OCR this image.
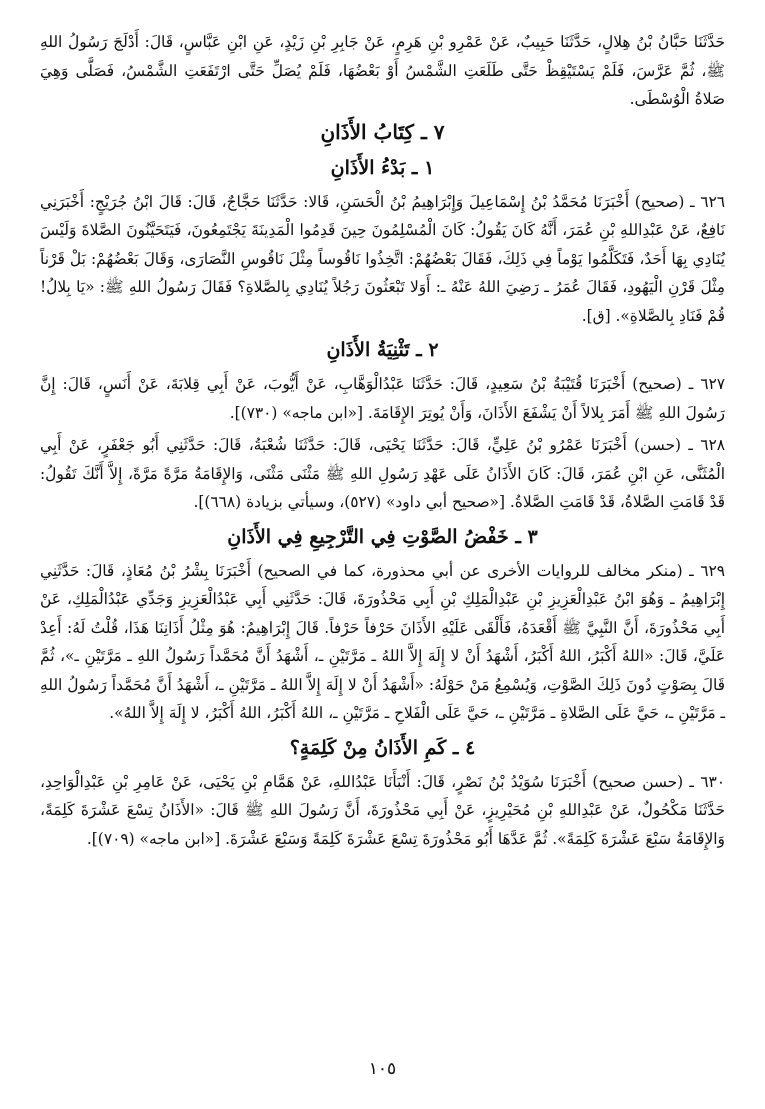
حَدَّثَنَا حَبَّانُ بْنُ هِلالٍ، حَدَّثَنَا حَبِيبٌ، عَنْ عَمْرِو بْنِ هَرِمٍ، عَنْ جَابِرِ بْنِ زَيْدٍ، عَنِ ابْنِ عَبَّاسٍ، قَالَ: أَدْلَجَ رَسُولُ اللهِ ﷺ، ثُمَّ عَرَّسَ، فَلَمْ يَسْتَيْقِظْ حَتَّى طَلَعَتِ الشَّمْسُ أَوْ بَعْضُهَا، فَلَمْ يُصَلِّ حَتَّى ارْتَفَعَتِ الشَّمْسُ، فَصَلَّى وَهِيَ صَلاةُ الْوُسْطَى.

٧ ـ كِتَابُ الأَذَانِ
١ ـ بَدْءُ الأَذَانِ

٦٢٦ ـ (صحيح) أَخْبَرَنَا مُحَمَّدُ بْنُ إِسْمَاعِيلَ وَإِبْرَاهِيمُ بْنُ الْحَسَنِ، قَالا: حَدَّثَنَا حَجَّاجٌ، قَالَ: قَالَ ابْنُ جُرَيْجٍ: أَخْبَرَنِي نَافِعٌ، عَنْ عَبْدِاللهِ بْنِ عُمَرَ، أَنَّهُ كَانَ يَقُولُ: كَانَ الْمُسْلِمُونَ حِينَ قَدِمُوا الْمَدِينَةَ يَجْتَمِعُونَ، فَيَتَحَيَّنُونَ الصَّلاةَ وَلَيْسَ يُنَادِي بِهَا أَحَدٌ، فَتَكَلَّمُوا يَوْماً فِي ذَلِكَ، فَقَالَ بَعْضُهُمْ: اتَّخِذُوا نَاقُوساً مِثْلَ نَاقُوسِ النَّصَارَى، وَقَالَ بَعْضُهُمْ: بَلْ قَرْناً مِثْلَ قَرْنِ الْيَهُودِ، فَقَالَ عُمَرُ ـ رَضِيَ اللهُ عَنْهُ ـ: أَوَلا تَبْعَثُونَ رَجُلاً يُنَادِي بِالصَّلاةِ؟ فَقَالَ رَسُولُ اللهِ ﷺ: «يَا بِلالُ! قُمْ فَنَادِ بِالصَّلاةِ». [ق].

٢ ـ تَثْنِيَةُ الأَذَانِ

٦٢٧ ـ (صحيح) أَخْبَرَنَا قُتَيْبَةُ بْنُ سَعِيدٍ، قَالَ: حَدَّثَنَا عَبْدُالْوَهَّابِ، عَنْ أَيُّوبَ، عَنْ أَبِي قِلابَةَ، عَنْ أَنَسٍ، قَالَ: إِنَّ رَسُولَ اللهِ ﷺ أَمَرَ بِلالاً أَنْ يَشْفَعَ الأَذَانَ، وَأَنْ يُوتِرَ الإِقَامَةَ. [«ابن ماجه» (٧٣٠)].

٦٢٨ ـ (حسن) أَخْبَرَنَا عَمْرُو بْنُ عَلِيٍّ، قَالَ: حَدَّثَنَا يَحْيَى، قَالَ: حَدَّثَنَا شُعْبَةُ، قَالَ: حَدَّثَنِي أَبُو جَعْفَرٍ، عَنْ أَبِي الْمُثَنَّى، عَنِ ابْنِ عُمَرَ، قَالَ: كَانَ الأَذَانُ عَلَى عَهْدِ رَسُولِ اللهِ ﷺ مَثْنَى مَثْنَى، وَالإِقَامَةُ مَرَّةً مَرَّةً، إِلاَّ أَنَّكَ تَقُولُ: قَدْ قَامَتِ الصَّلاةُ، قَدْ قَامَتِ الصَّلاةُ. [«صحيح أبي داود» (٥٢٧)، وسيأتي بزيادة (٦٦٨)].

٣ ـ خَفْضُ الصَّوْتِ فِي التَّرْجِيعِ فِي الأَذَانِ

٦٢٩ ـ (منكر مخالف للروايات الأخرى عن أبي محذورة، كما في الصحيح) أَخْبَرَنَا بِشْرُ بْنُ مُعَاذٍ، قَالَ: حَدَّثَنِي إِبْرَاهِيمُ ـ وَهُوَ ابْنُ عَبْدِالْعَزِيزِ بْنِ عَبْدِالْمَلِكِ بْنِ أَبِي مَحْذُورَةَ، قَالَ: حَدَّثَنِي أَبِي عَبْدُالْعَزِيزِ وَجَدِّي عَبْدُالْمَلِكِ، عَنْ أَبِي مَحْذُورَةَ، أَنَّ النَّبِيَّ ﷺ أَقْعَدَهُ، فَأَلْقَى عَلَيْهِ الأَذَانَ حَرْفاً حَرْفاً. قَالَ إِبْرَاهِيمُ: هُوَ مِثْلُ أَذَانِنَا هَذَا، قُلْتُ لَهُ: أَعِدْ عَلَيَّ، قَالَ: «اللهُ أَكْبَرُ، اللهُ أَكْبَرُ، أَشْهَدُ أَنْ لا إِلَهَ إِلاَّ اللهُ ـ مَرَّتَيْنِ ـ، أَشْهَدُ أَنَّ مُحَمَّداً رَسُولُ اللهِ ـ مَرَّتَيْنِ ـ»، ثُمَّ قَالَ بِصَوْتٍ دُونَ ذَلِكَ الصَّوْتِ، وَيُسْمِعُ مَنْ حَوْلَهُ: «أَشْهَدُ أَنْ لا إِلَهَ إِلاَّ اللهُ ـ مَرَّتَيْنِ ـ، أَشْهَدُ أَنَّ مُحَمَّداً رَسُولُ اللهِ ـ مَرَّتَيْنِ ـ، حَيَّ عَلَى الصَّلاةِ ـ مَرَّتَيْنِ ـ، حَيَّ عَلَى الْفَلاحِ ـ مَرَّتَيْنِ ـ، اللهُ أَكْبَرُ، اللهُ أَكْبَرُ، لا إِلَهَ إِلاَّ اللهُ».

٤ ـ كَمِ الأَذَانُ مِنْ كَلِمَةٍ؟

٦٣٠ ـ (حسن صحيح) أَخْبَرَنَا سُوَيْدُ بْنُ نَصْرٍ، قَالَ: أَنْبَأَنَا عَبْدُاللهِ، عَنْ هَمَّامِ بْنِ يَحْيَى، عَنْ عَامِرِ بْنِ عَبْدِالْوَاحِدِ، حَدَّثَنَا مَكْحُولٌ، عَنْ عَبْدِاللهِ بْنِ مُحَيْرِيزٍ، عَنْ أَبِي مَحْذُورَةَ، أَنَّ رَسُولَ اللهِ ﷺ قَالَ: «الأَذَانُ تِسْعَ عَشْرَةَ كَلِمَةً، وَالإِقَامَةُ سَبْعَ عَشْرَةَ كَلِمَةً». ثُمَّ عَدَّهَا أَبُو مَحْذُورَةَ تِسْعَ عَشْرَةَ كَلِمَةً وَسَبْعَ عَشْرَةَ. [«ابن ماجه» (٧٠٩)].

١٠٥
